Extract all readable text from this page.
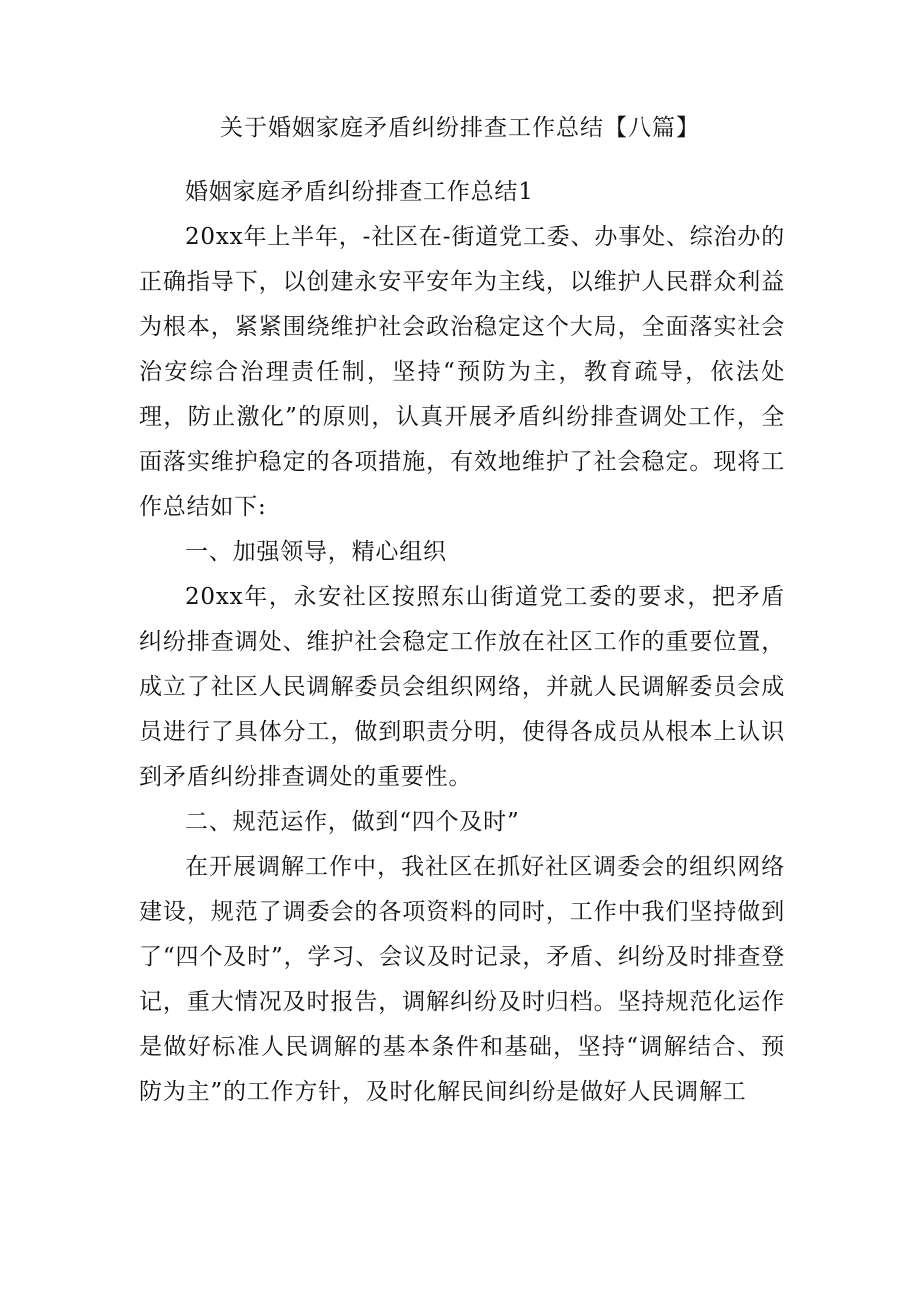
关于婚姻家庭矛盾纠纷排查工作总结【八篇】

婚姻家庭矛盾纠纷排查工作总结1

20xx年上半年，-社区在-街道党工委、办事处、综治办的正确指导下，以创建永安平安年为主线，以维护人民群众利益为根本，紧紧围绕维护社会政治稳定这个大局，全面落实社会治安综合治理责任制，坚持“预防为主，教育疏导，依法处理，防止激化”的原则，认真开展矛盾纠纷排查调处工作，全面落实维护稳定的各项措施，有效地维护了社会稳定。现将工作总结如下:

一、加强领导，精心组织

20xx年，永安社区按照东山街道党工委的要求，把矛盾纠纷排查调处、维护社会稳定工作放在社区工作的重要位置，成立了社区人民调解委员会组织网络，并就人民调解委员会成员进行了具体分工，做到职责分明，使得各成员从根本上认识到矛盾纠纷排查调处的重要性。

二、规范运作，做到“四个及时”

在开展调解工作中，我社区在抓好社区调委会的组织网络建设，规范了调委会的各项资料的同时，工作中我们坚持做到了“四个及时”，学习、会议及时记录，矛盾、纠纷及时排查登记，重大情况及时报告，调解纠纷及时归档。坚持规范化运作是做好标准人民调解的基本条件和基础，坚持“调解结合、预防为主”的工作方针，及时化解民间纠纷是做好人民调解工
